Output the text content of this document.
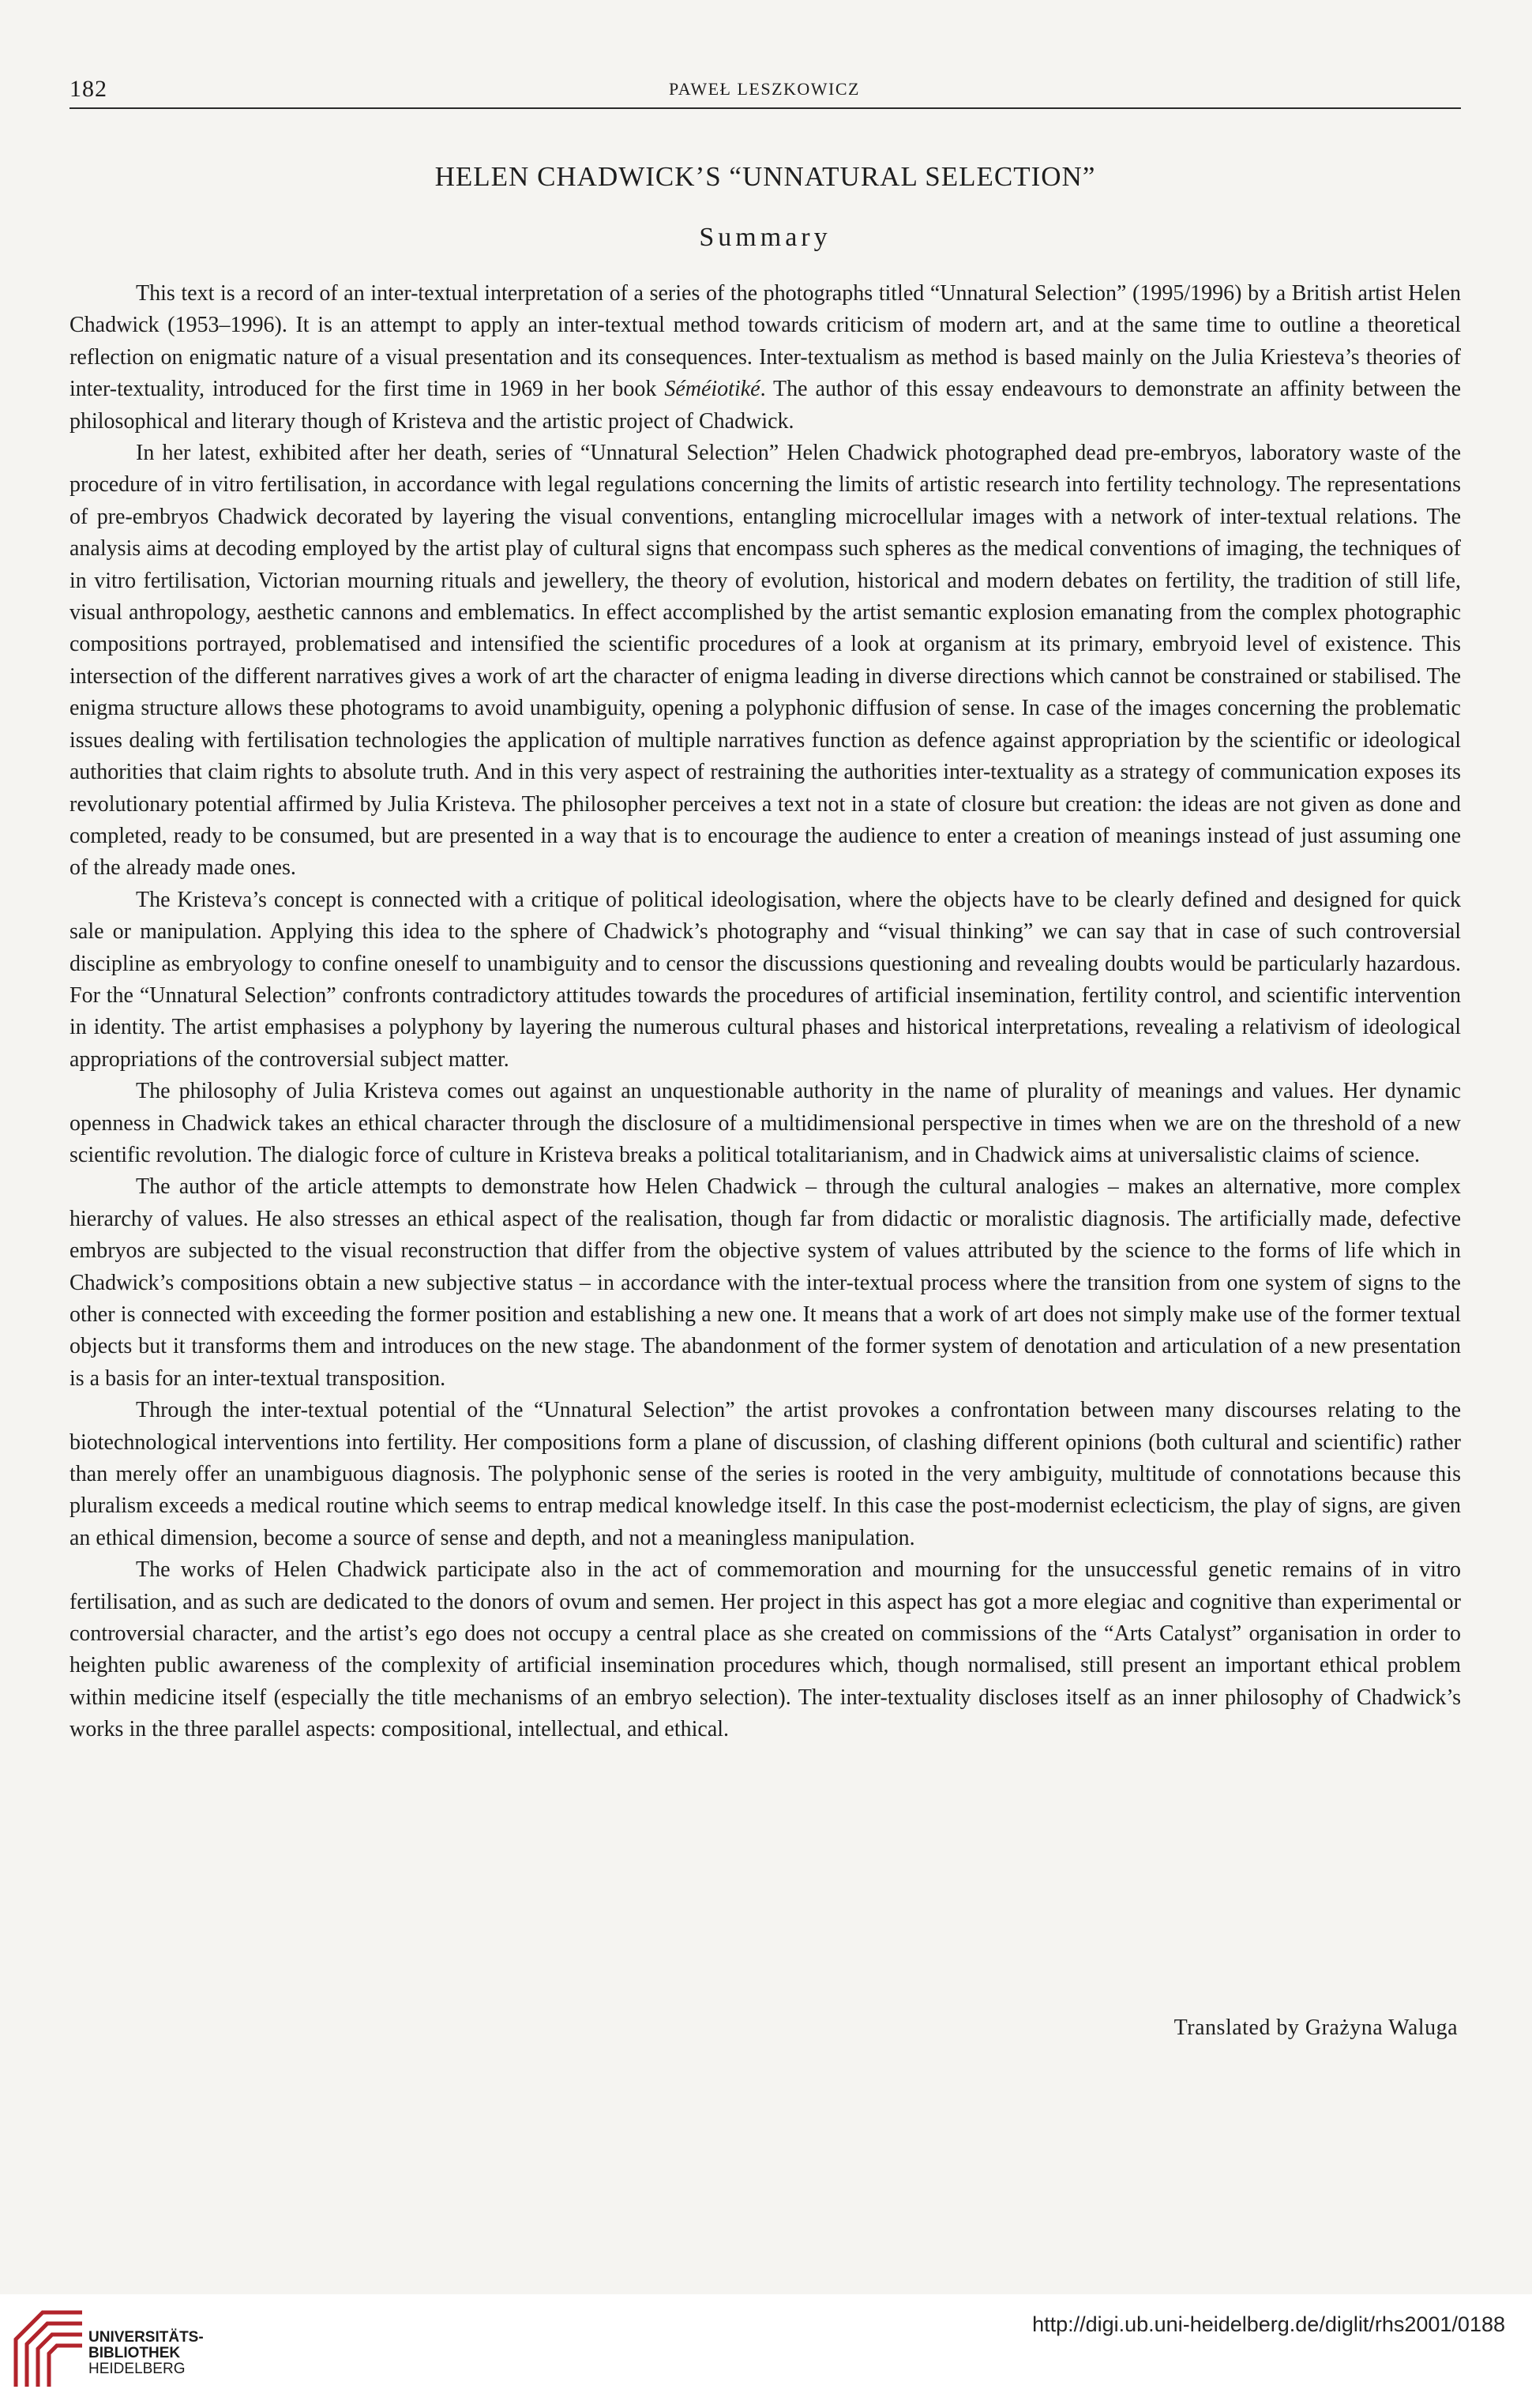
182	PAWEŁ LESZKOWICZ
HELEN CHADWICK’S “UNNATURAL SELECTION”
Summary

This text is a record of an inter-textual interpretation of a series of the photographs titled “Unnatural Selection” (1995/1996) by a British artist Helen Chadwick (1953–1996). It is an attempt to apply an inter-textual method towards criticism of modern art, and at the same time to outline a theoretical reflection on enigmatic nature of a visual presentation and its consequences. Inter-textualism as method is based mainly on the Julia Kriesteva’s theories of inter-textuality, introduced for the first time in 1969 in her book Séméiotiké. The author of this essay endeavours to demonstrate an affinity between the philosophical and literary though of Kristeva and the artistic project of Chadwick.

In her latest, exhibited after her death, series of “Unnatural Selection” Helen Chadwick photographed dead pre-embryos, laboratory waste of the procedure of in vitro fertilisation, in accordance with legal regulations concerning the limits of artistic research into fertility technology. The representations of pre-embryos Chadwick decorated by layering the visual conventions, entangling microcellular images with a network of inter-textual relations. The analysis aims at decoding employed by the artist play of cultural signs that encompass such spheres as the medical conventions of imaging, the techniques of in vitro fertilisation, Victorian mourning rituals and jewellery, the theory of evolution, historical and modern debates on fertility, the tradition of still life, visual anthropology, aesthetic cannons and emblematics. In effect accomplished by the artist semantic explosion emanating from the complex photographic compositions portrayed, problematised and intensified the scientific procedures of a look at organism at its primary, embryoid level of existence. This intersection of the different narratives gives a work of art the character of enigma leading in diverse directions which cannot be constrained or stabilised. The enigma structure allows these photograms to avoid unambiguity, opening a polyphonic diffusion of sense. In case of the images concerning the problematic issues dealing with fertilisation technologies the application of multiple narratives function as defence against appropriation by the scientific or ideological authorities that claim rights to absolute truth. And in this very aspect of restraining the authorities inter-textuality as a strategy of communication exposes its revolutionary potential affirmed by Julia Kristeva. The philosopher perceives a text not in a state of closure but creation: the ideas are not given as done and completed, ready to be consumed, but are presented in a way that is to encourage the audience to enter a creation of meanings instead of just assuming one of the already made ones.

The Kristeva’s concept is connected with a critique of political ideologisation, where the objects have to be clearly defined and designed for quick sale or manipulation. Applying this idea to the sphere of Chadwick’s photography and “visual thinking” we can say that in case of such controversial discipline as embryology to confine oneself to unambiguity and to censor the discussions questioning and revealing doubts would be particularly hazardous. For the “Unnatural Selection” confronts contradictory attitudes towards the procedures of artificial insemination, fertility control, and scientific intervention in identity. The artist emphasises a polyphony by layering the numerous cultural phases and historical interpretations, revealing a relativism of ideological appropriations of the controversial subject matter.

The philosophy of Julia Kristeva comes out against an unquestionable authority in the name of plurality of meanings and values. Her dynamic openness in Chadwick takes an ethical character through the disclosure of a multidimensional perspective in times when we are on the threshold of a new scientific revolution. The dialogic force of culture in Kristeva breaks a political totalitarianism, and in Chadwick aims at universalistic claims of science.

The author of the article attempts to demonstrate how Helen Chadwick – through the cultural analogies – makes an alternative, more complex hierarchy of values. He also stresses an ethical aspect of the realisation, though far from didactic or moralistic diagnosis. The artificially made, defective embryos are subjected to the visual reconstruction that differ from the objective system of values attributed by the science to the forms of life which in Chadwick’s compositions obtain a new subjective status – in accordance with the inter-textual process where the transition from one system of signs to the other is connected with exceeding the former position and establishing a new one. It means that a work of art does not simply make use of the former textual objects but it transforms them and introduces on the new stage. The abandonment of the former system of denotation and articulation of a new presentation is a basis for an inter-textual transposition.

Through the inter-textual potential of the “Unnatural Selection” the artist provokes a confrontation between many discourses relating to the biotechnological interventions into fertility. Her compositions form a plane of discussion, of clashing different opinions (both cultural and scientific) rather than merely offer an unambiguous diagnosis. The polyphonic sense of the series is rooted in the very ambiguity, multitude of connotations because this pluralism exceeds a medical routine which seems to entrap medical knowledge itself. In this case the post-modernist eclecticism, the play of signs, are given an ethical dimension, become a source of sense and depth, and not a meaningless manipulation.

The works of Helen Chadwick participate also in the act of commemoration and mourning for the unsuccessful genetic remains of in vitro fertilisation, and as such are dedicated to the donors of ovum and semen. Her project in this aspect has got a more elegiac and cognitive than experimental or controversial character, and the artist’s ego does not occupy a central place as she created on commissions of the “Arts Catalyst” organisation in order to heighten public awareness of the complexity of artificial insemination procedures which, though normalised, still present an important ethical problem within medicine itself (especially the title mechanisms of an embryo selection). The inter-textuality discloses itself as an inner philosophy of Chadwick’s works in the three parallel aspects: compositional, intellectual, and ethical.

Translated by Grażyna Waluga
UNIVERSITÄTS-
BIBLIOTHEK
HEIDELBERG
http://digi.ub.uni-heidelberg.de/diglit/rhs2001/0188
